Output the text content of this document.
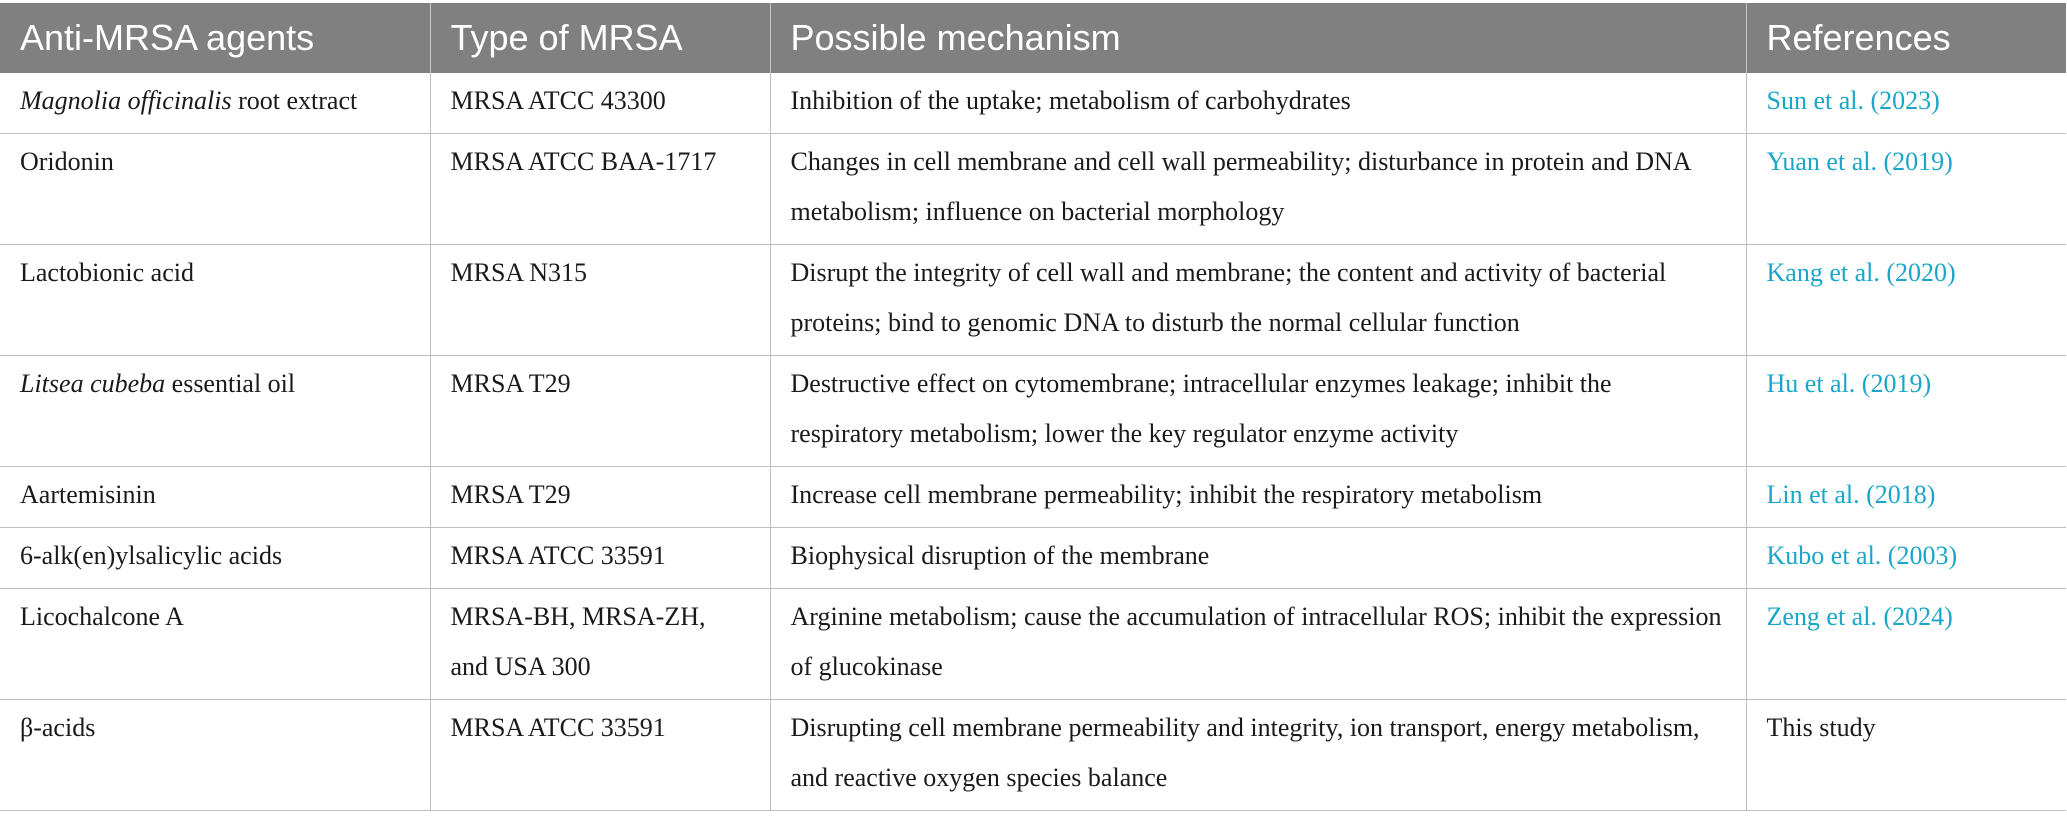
Anti-MRSA agents	Type of MRSA	Possible mechanism	References
Magnolia officinalis root extract	MRSA ATCC 43300	Inhibition of the uptake; metabolism of carbohydrates	Sun et al. (2023)
Oridonin	MRSA ATCC BAA-1717	Changes in cell membrane and cell wall permeability; disturbance in protein and DNA metabolism; influence on bacterial morphology	Yuan et al. (2019)
Lactobionic acid	MRSA N315	Disrupt the integrity of cell wall and membrane; the content and activity of bacterial proteins; bind to genomic DNA to disturb the normal cellular function	Kang et al. (2020)
Litsea cubeba essential oil	MRSA T29	Destructive effect on cytomembrane; intracellular enzymes leakage; inhibit the respiratory metabolism; lower the key regulator enzyme activity	Hu et al. (2019)
Aartemisinin	MRSA T29	Increase cell membrane permeability; inhibit the respiratory metabolism	Lin et al. (2018)
6-alk(en)ylsalicylic acids	MRSA ATCC 33591	Biophysical disruption of the membrane	Kubo et al. (2003)
Licochalcone A	MRSA-BH, MRSA-ZH, and USA 300	Arginine metabolism; cause the accumulation of intracellular ROS; inhibit the expression of glucokinase	Zeng et al. (2024)
β-acids	MRSA ATCC 33591	Disrupting cell membrane permeability and integrity, ion transport, energy metabolism, and reactive oxygen species balance	This study
